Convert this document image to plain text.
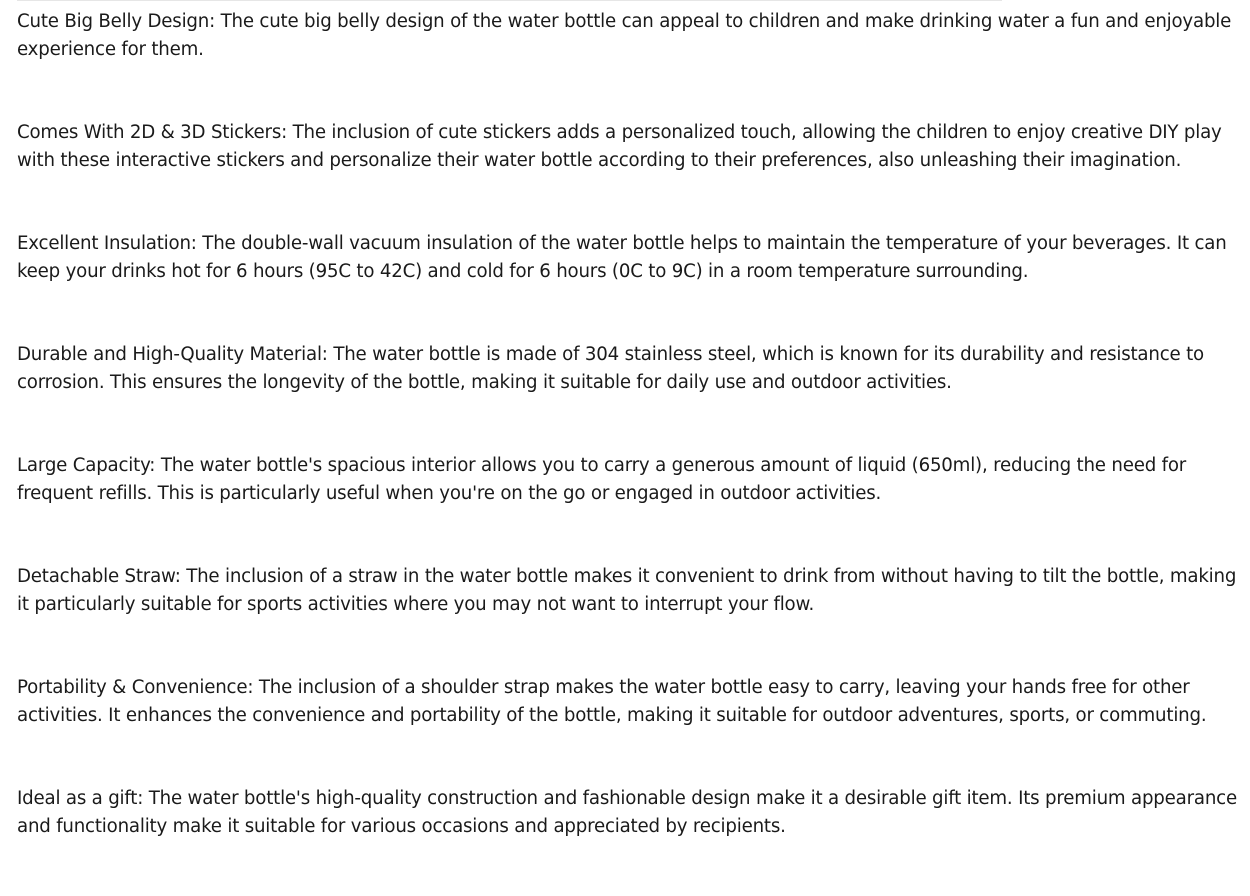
Cute Big Belly Design: The cute big belly design of the water bottle can appeal to children and make drinking water a fun and enjoyable experience for them.

Comes With 2D & 3D Stickers: The inclusion of cute stickers adds a personalized touch, allowing the children to enjoy creative DIY play with these interactive stickers and personalize their water bottle according to their preferences, also unleashing their imagination.

Excellent Insulation: The double-wall vacuum insulation of the water bottle helps to maintain the temperature of your beverages. It can keep your drinks hot for 6 hours (95C to 42C) and cold for 6 hours (0C to 9C) in a room temperature surrounding.

Durable and High-Quality Material: The water bottle is made of 304 stainless steel, which is known for its durability and resistance to corrosion. This ensures the longevity of the bottle, making it suitable for daily use and outdoor activities.

Large Capacity: The water bottle's spacious interior allows you to carry a generous amount of liquid (650ml), reducing the need for frequent refills. This is particularly useful when you're on the go or engaged in outdoor activities.

Detachable Straw: The inclusion of a straw in the water bottle makes it convenient to drink from without having to tilt the bottle, making it particularly suitable for sports activities where you may not want to interrupt your flow.

Portability & Convenience: The inclusion of a shoulder strap makes the water bottle easy to carry, leaving your hands free for other activities. It enhances the convenience and portability of the bottle, making it suitable for outdoor adventures, sports, or commuting.

Ideal as a gift: The water bottle's high-quality construction and fashionable design make it a desirable gift item. Its premium appearance and functionality make it suitable for various occasions and appreciated by recipients.
